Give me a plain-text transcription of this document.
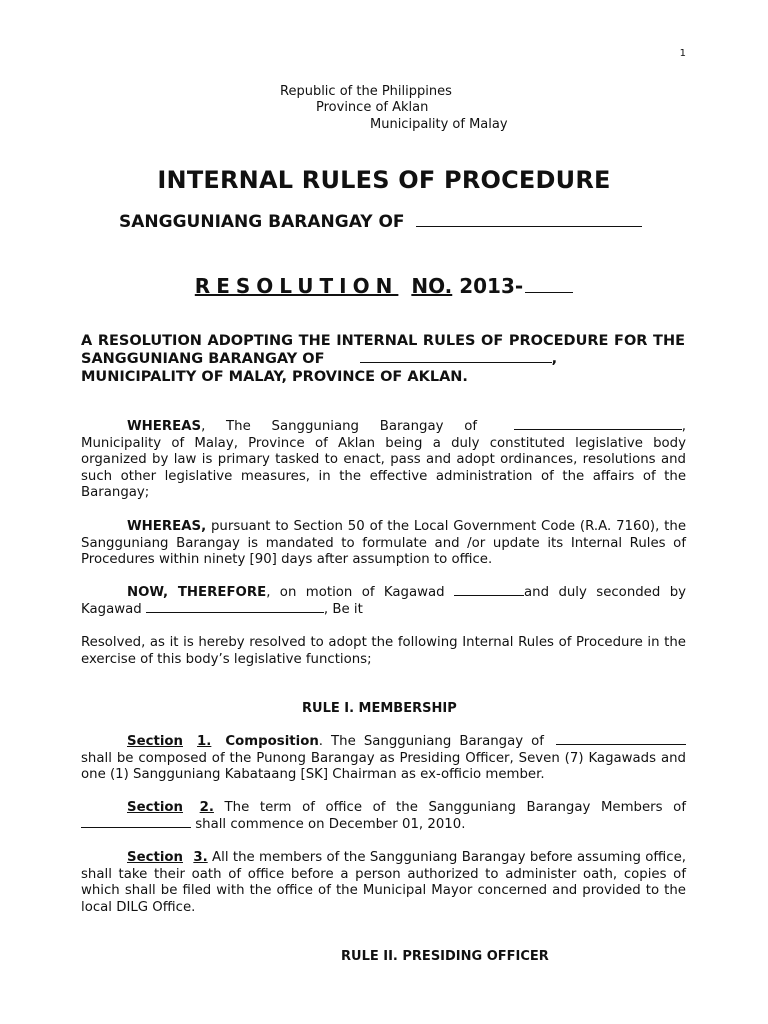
1
Republic of the Philippines
Province of Aklan
Municipality of Malay
INTERNAL RULES OF PROCEDURE
SANGGUNIANG BARANGAY OF
RESOLUTION NO. 2013-
A RESOLUTION ADOPTING THE INTERNAL RULES OF PROCEDURE FOR THE SANGGUNIANG BARANGAY OF	,
MUNICIPALITY OF MALAY, PROVINCE OF AKLAN.
WHEREAS, The Sangguniang Barangay of	, Municipality of Malay, Province of Aklan being a duly constituted legislative body organized by law is primary tasked to enact, pass and adopt ordinances, resolutions and such other legislative measures, in the effective administration of the affairs of the Barangay;
WHEREAS, pursuant to Section 50 of the Local Government Code (R.A. 7160), the Sangguniang Barangay is mandated to formulate and /or update its Internal Rules of Procedures within ninety [90] days after assumption to office.
NOW, THEREFORE, on motion of Kagawad	and duly seconded by Kagawad	, Be it
Resolved, as it is hereby resolved to adopt the following Internal Rules of Procedure in the exercise of this body’s legislative functions;
RULE I. MEMBERSHIP
Section 1. Composition. The Sangguniang Barangay of  shall be composed of the Punong Barangay as Presiding Officer, Seven (7) Kagawads and one (1) Sangguniang Kabataang [SK] Chairman as ex-officio member.
Section 2. The term of office of the Sangguniang Barangay Members of  shall commence on December 01, 2010.
Section 3. All the members of the Sangguniang Barangay before assuming office, shall take their oath of office before a person authorized to administer oath, copies of which shall be filed with the office of the Municipal Mayor concerned and provided to the local DILG Office.
RULE II. PRESIDING OFFICER
